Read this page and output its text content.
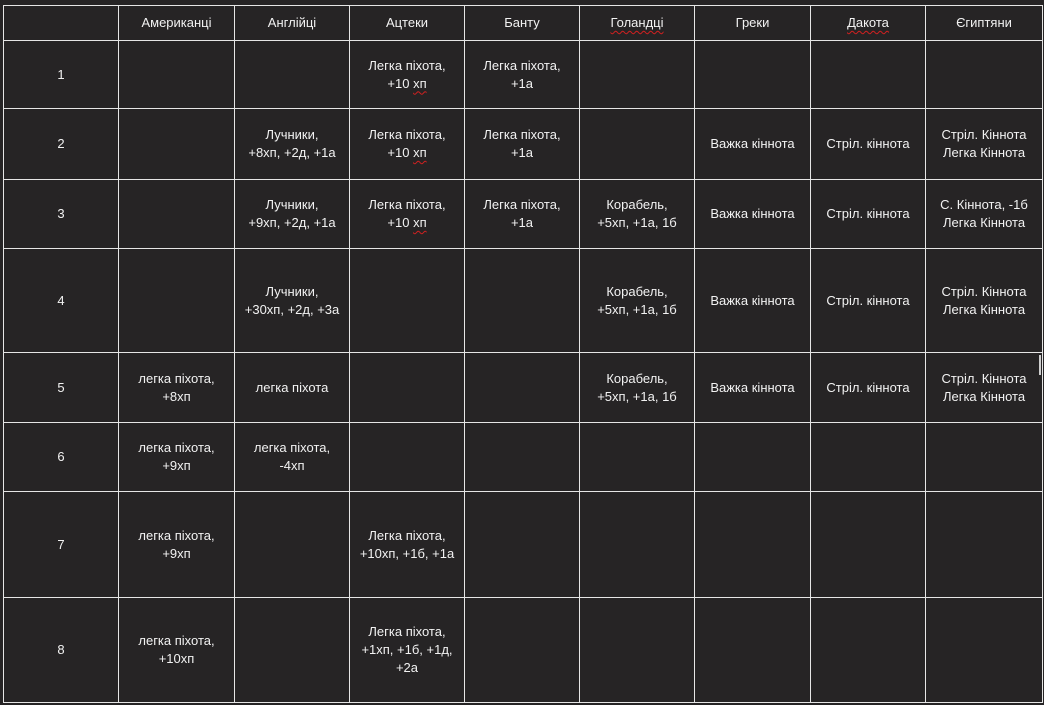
	Американці	Англійці	Ацтеки	Банту	Голандці	Греки	Дакота	Єгиптяни
1			Легка піхота,
+10 хп	Легка піхота,
+1а				

2		Лучники,
+8хп, +2д, +1а	Легка піхота,
+10 хп	Легка піхота,
+1а		Важка кіннота	Стріл. кіннота	Стріл. Кіннота
Легка Кіннота

3		Лучники,
+9хп, +2д, +1а	Легка піхота,
+10 хп	Легка піхота,
+1а	Корабель,
+5хп, +1а, 1б	Важка кіннота	Стріл. кіннота	С. Кіннота, -1б
Легка Кіннота

4		Лучники,
+30хп, +2д, +3а			Корабель,
+5хп, +1а, 1б	Важка кіннота	Стріл. кіннота	Стріл. Кіннота
Легка Кіннота

5	легка піхота,
+8хп	легка піхота			Корабель,
+5хп, +1а, 1б	Важка кіннота	Стріл. кіннота	Стріл. Кіннота
Легка Кіннота

6	легка піхота,
+9хп	легка піхота,
-4хп						

7	легка піхота,
+9хп		Легка піхота,
+10хп, +1б, +1а					

8	легка піхота,
+10хп		Легка піхота,
+1хп, +1б, +1д,
+2а					
